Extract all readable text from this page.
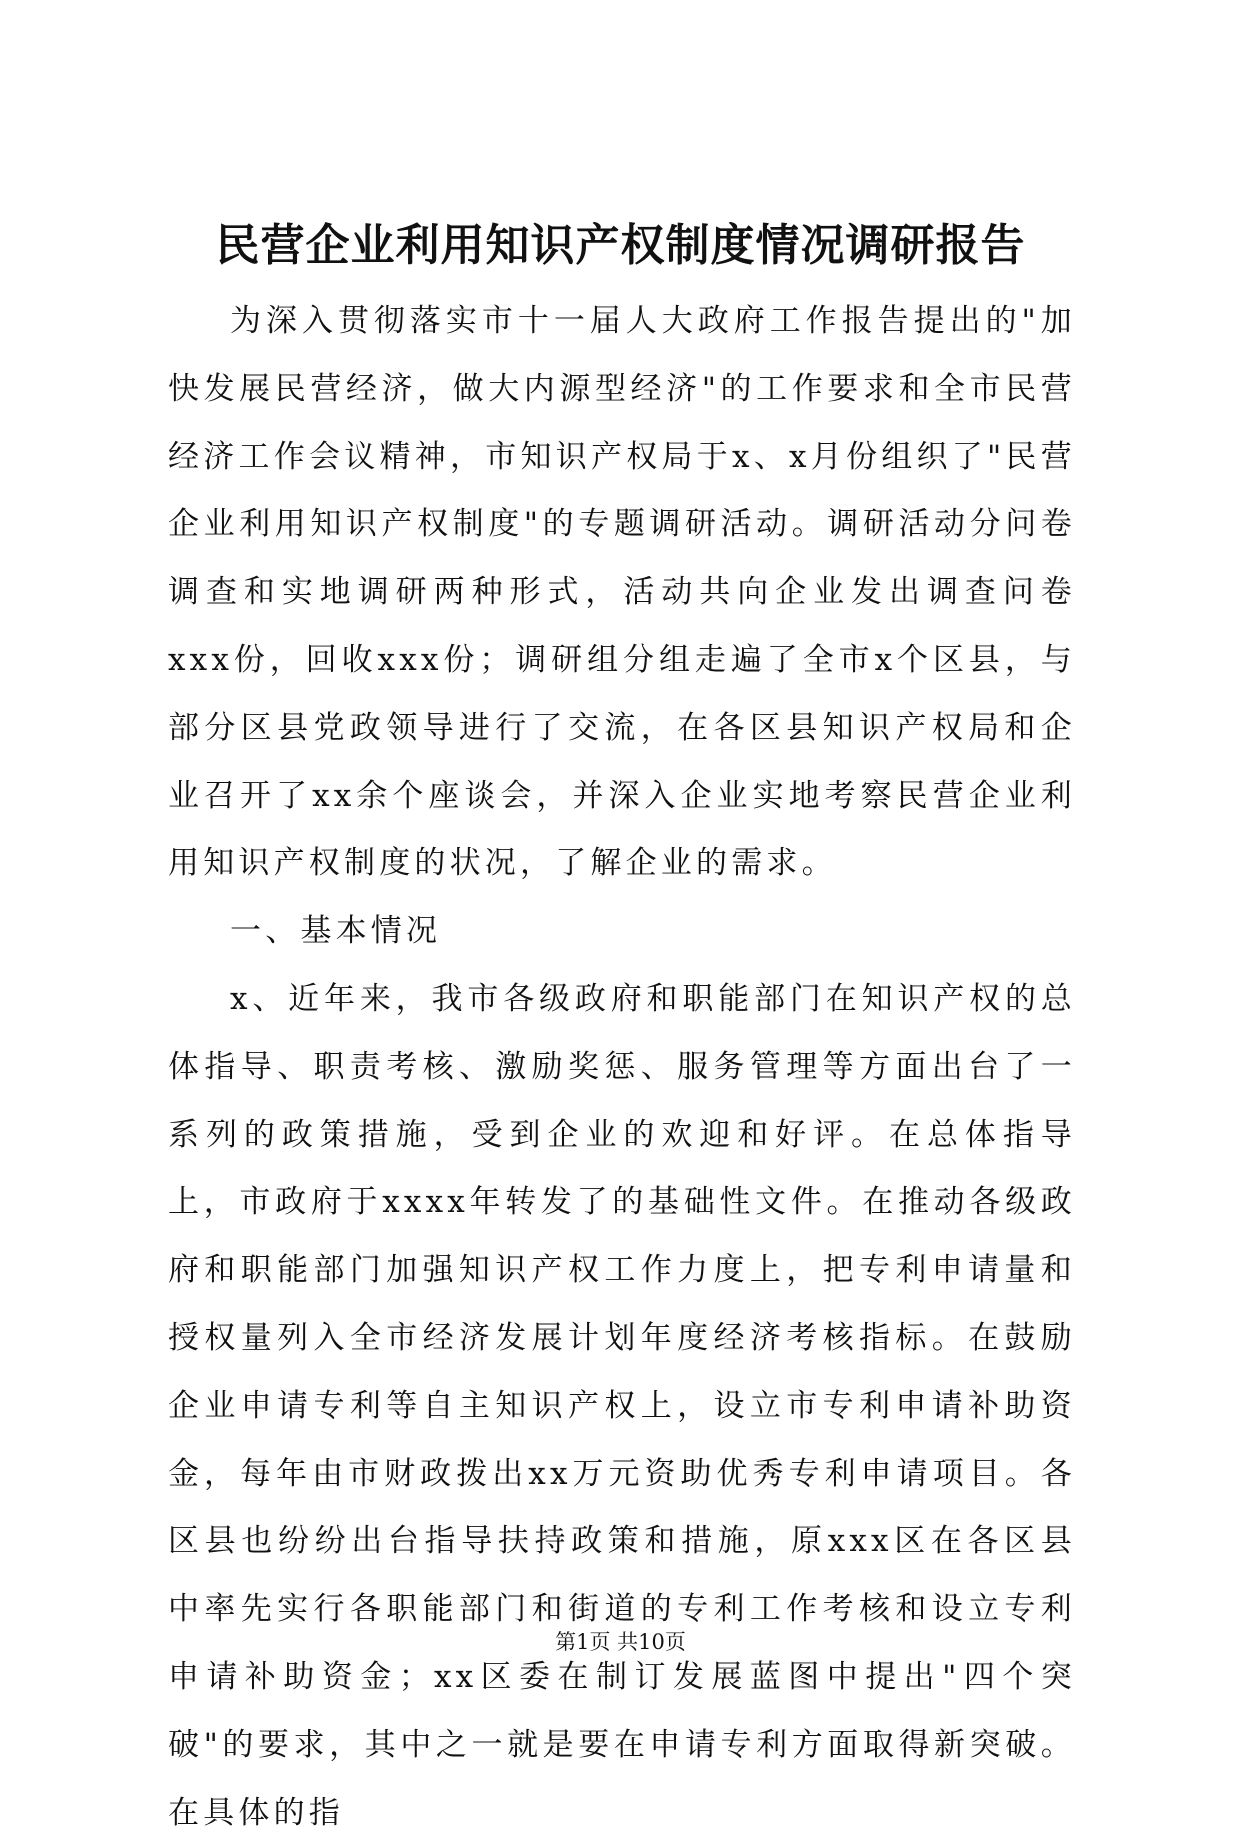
民营企业利用知识产权制度情况调研报告

为深入贯彻落实市十一届人大政府工作报告提出的"加快发展民营经济，做大内源型经济"的工作要求和全市民营经济工作会议精神，市知识产权局于x、x月份组织了"民营企业利用知识产权制度"的专题调研活动。调研活动分问卷调查和实地调研两种形式，活动共向企业发出调查问卷xxx份，回收xxx份；调研组分组走遍了全市x个区县，与部分区县党政领导进行了交流，在各区县知识产权局和企业召开了xx余个座谈会，并深入企业实地考察民营企业利用知识产权制度的状况，了解企业的需求。

一、基本情况

x、近年来，我市各级政府和职能部门在知识产权的总体指导、职责考核、激励奖惩、服务管理等方面出台了一系列的政策措施，受到企业的欢迎和好评。在总体指导上，市政府于xxxx年转发了的基础性文件。在推动各级政府和职能部门加强知识产权工作力度上，把专利申请量和授权量列入全市经济发展计划年度经济考核指标。在鼓励企业申请专利等自主知识产权上，设立市专利申请补助资金，每年由市财政拨出xx万元资助优秀专利申请项目。各区县也纷纷出台指导扶持政策和措施，原xxx区在各区县中率先实行各职能部门和街道的专利工作考核和设立专利申请补助资金；xx区委在制订发展蓝图中提出"四个突破"的要求，其中之一就是要在申请专利方面取得新突破。在具体的指

第1页 共10页
